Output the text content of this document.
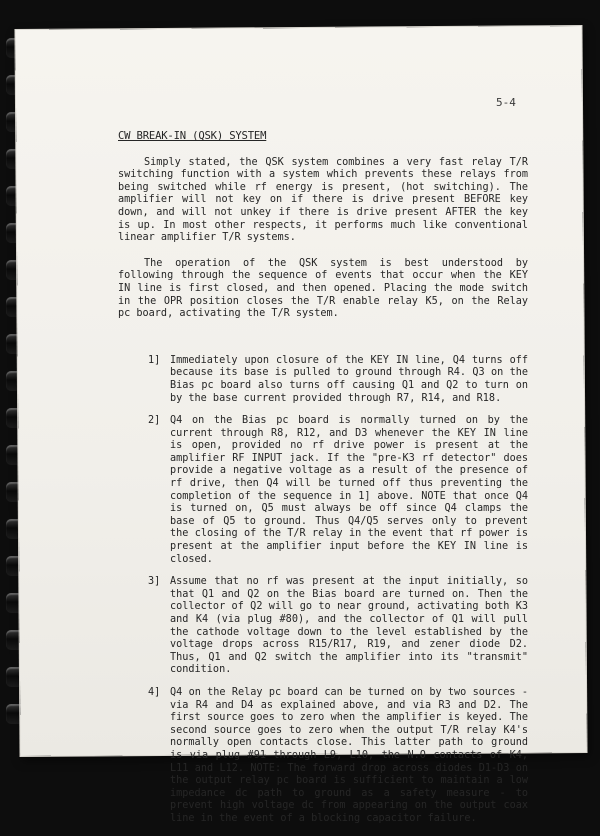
5-4
CW BREAK-IN (QSK) SYSTEM

Simply stated, the QSK system combines a very fast relay T/R switching function with a system which prevents these relays from being switched while rf energy is present, (hot switching). The amplifier will not key on if there is drive present BEFORE key down, and will not unkey if there is drive present AFTER the key is up. In most other respects, it performs much like conventional linear amplifier T/R systems.

The operation of the QSK system is best understood by following through the sequence of events that occur when the KEY IN line is first closed, and then opened. Placing the mode switch in the OPR position closes the T/R enable relay K5, on the Relay pc board, activating the T/R system.

1] Immediately upon closure of the KEY IN line, Q4 turns off because its base is pulled to ground through R4. Q3 on the Bias pc board also turns off causing Q1 and Q2 to turn on by the base current provided through R7, R14, and R18.
2] Q4 on the Bias pc board is normally turned on by the current through R8, R12, and D3 whenever the KEY IN line is open, provided no rf drive power is present at the amplifier RF INPUT jack. If the "pre-K3 rf detector" does provide a negative voltage as a result of the presence of rf drive, then Q4 will be turned off thus preventing the completion of the sequence in 1] above. NOTE that once Q4 is turned on, Q5 must always be off since Q4 clamps the base of Q5 to ground. Thus Q4/Q5 serves only to prevent the closing of the T/R relay in the event that rf power is present at the amplifier input before the KEY IN line is closed.
3] Assume that no rf was present at the input initially, so that Q1 and Q2 on the Bias board are turned on. Then the collector of Q2 will go to near ground, activating both K3 and K4 (via plug #80), and the collector of Q1 will pull the cathode voltage down to the level established by the voltage drops across R15/R17, R19, and zener diode D2. Thus, Q1 and Q2 switch the amplifier into its "transmit" condition.
4] Q4 on the Relay pc board can be turned on by two sources - via R4 and D4 as explained above, and via R3 and D2. The first source goes to zero when the amplifier is keyed. The second source goes to zero when the output T/R relay K4's normally open contacts close. This latter path to ground is via plug #91 through L9, L10, the N.O contacts of K4, L11 and L12. NOTE: The forward drop across diodes D1-D3 on the output relay pc board is sufficient to maintain a low impedance dc path to ground as a safety measure - to prevent high voltage dc from appearing on the output coax line in the event of a blocking capacitor failure.
